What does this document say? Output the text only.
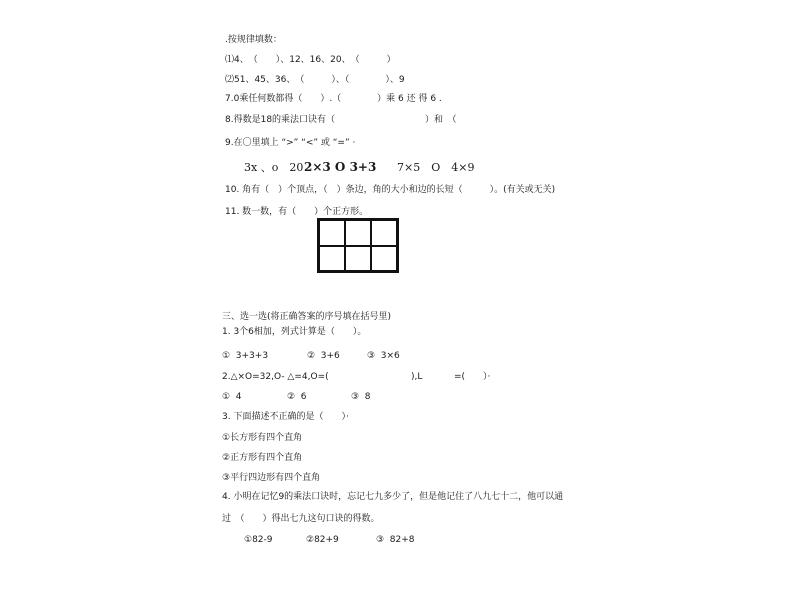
.按规律填数：
⑴4、　（　　）、12、16、20、　（　　　）
⑵51、45、36、　（　　　）、（　　　　）、9
7.0乘任何数都得（　　）.（　　　　）乘 6 还 得 6 .
8.得数是18的乘法口诀有（　　　　　　　　　　）和　（
9.在〇里填上 “>” “<” 或 “=” ·
3x 、o　20 2×3 O 3+3 7×5　O　4×9
10. 角有（　）个顶点，（　）条边，角的大小和边的长短（　　　）。(有关或无关)
11. 数一数，有（　　）个正方形。
三、选一选(将正确答案的序号填在括号里)
1. 3个6相加，列式计算是（　　）。
①  3+3+3	②  3+6	③  3×6
2.△×O=32,O- △=4,O=(	),L	=(　　）·
①  4	②  6	③  8
3. 下面描述不正确的是（　　）·
①长方形有四个直角
②正方形有四个直角
③平行四边形有四个直角
4. 小明在记忆9的乘法口诀时，忘记七九多少了，但是他记住了八九七十二，他可以通
过　（　　）得出七九这句口诀的得数。
①82-9	②82+9	③  82+8
